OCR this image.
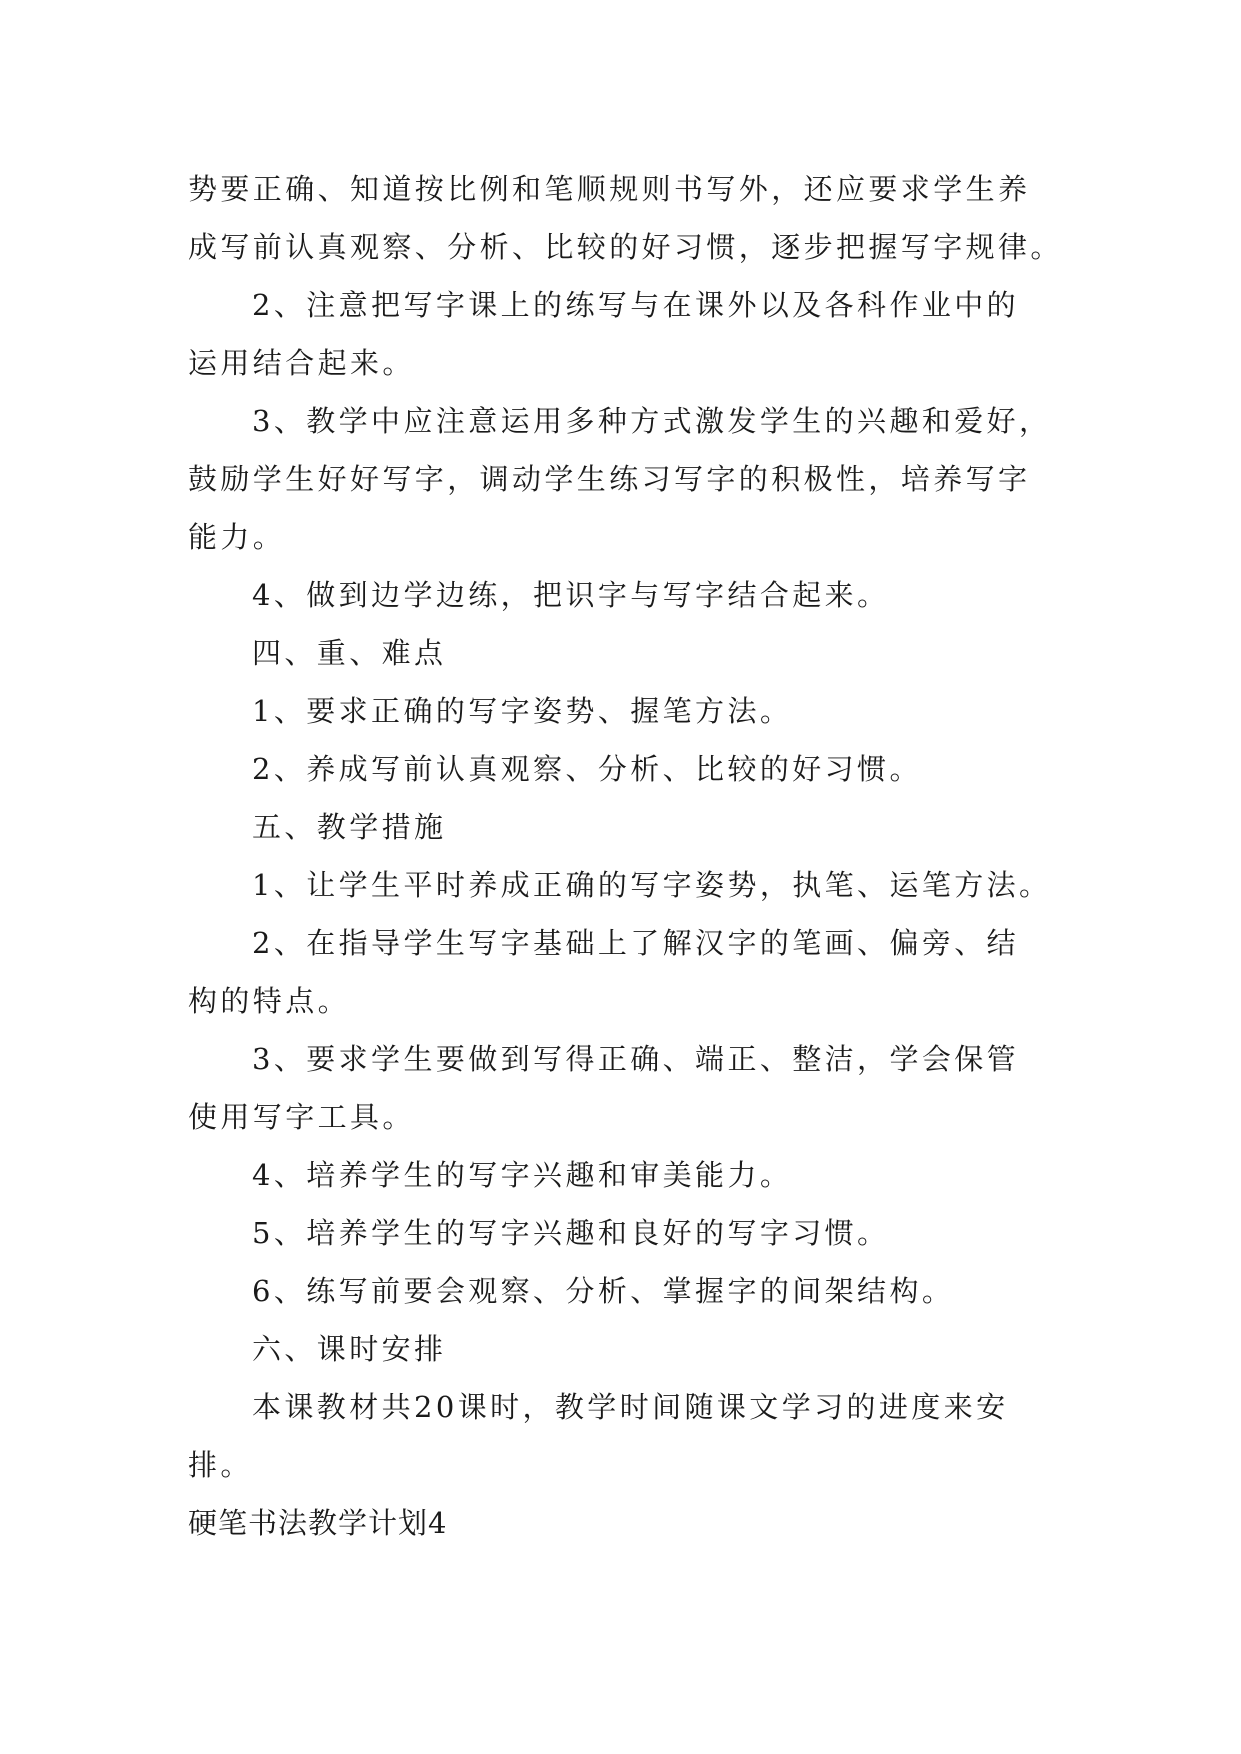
势要正确、知道按比例和笔顺规则书写外，还应要求学生养
成写前认真观察、分析、比较的好习惯，逐步把握写字规律。
2、注意把写字课上的练写与在课外以及各科作业中的
运用结合起来。
3、教学中应注意运用多种方式激发学生的兴趣和爱好，
鼓励学生好好写字，调动学生练习写字的积极性，培养写字
能力。
4、做到边学边练，把识字与写字结合起来。
四、重、难点
1、要求正确的写字姿势、握笔方法。
2、养成写前认真观察、分析、比较的好习惯。
五、教学措施
1、让学生平时养成正确的写字姿势，执笔、运笔方法。
2、在指导学生写字基础上了解汉字的笔画、偏旁、结
构的特点。
3、要求学生要做到写得正确、端正、整洁，学会保管
使用写字工具。
4、培养学生的写字兴趣和审美能力。
5、培养学生的写字兴趣和良好的写字习惯。
6、练写前要会观察、分析、掌握字的间架结构。
六、课时安排
本课教材共20课时，教学时间随课文学习的进度来安
排。
硬笔书法教学计划4
